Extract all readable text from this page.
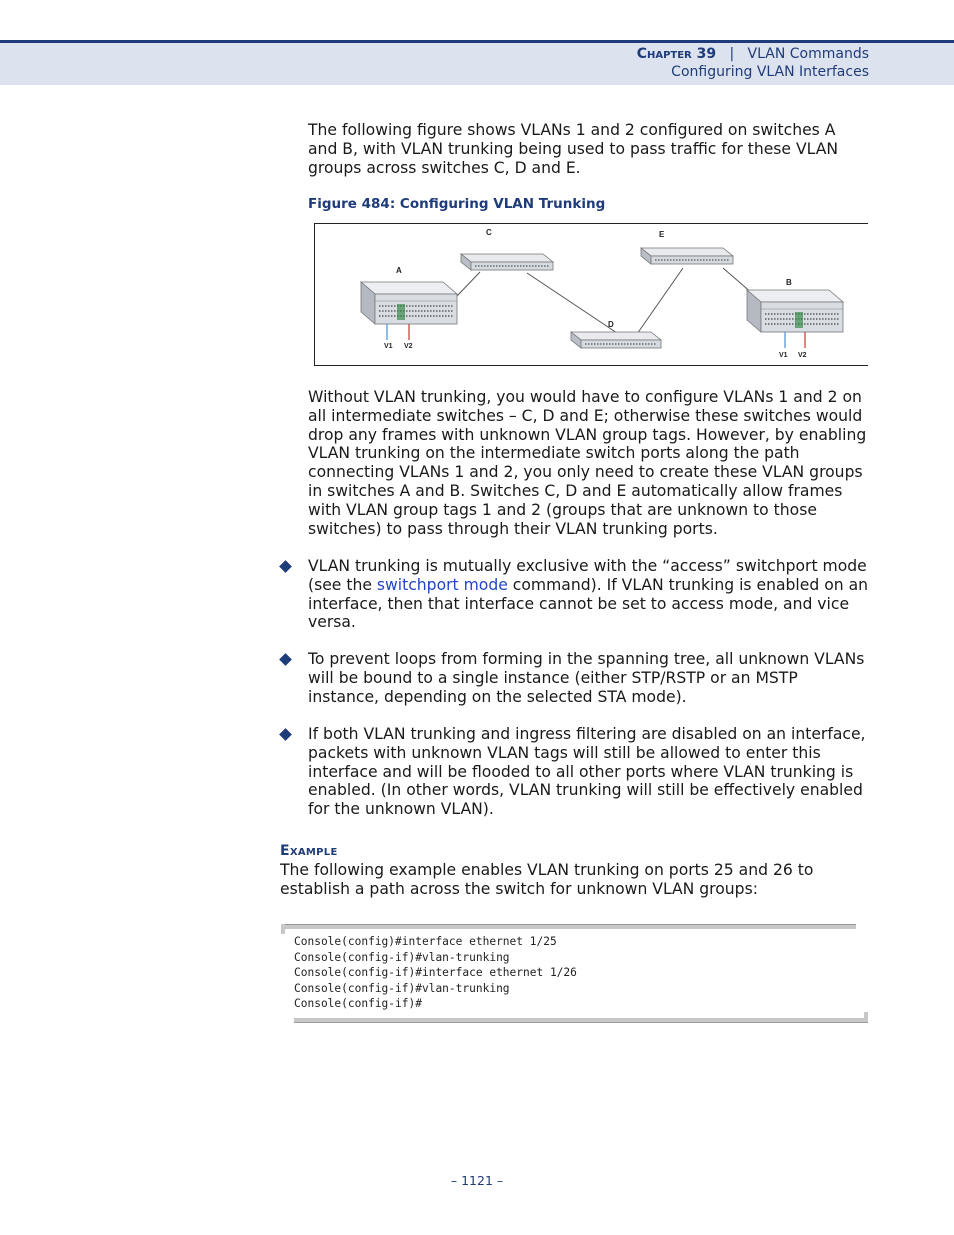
Chapter 39 | VLAN Commands
Configuring VLAN Interfaces

The following figure shows VLANs 1 and 2 configured on switches A and B, with VLAN trunking being used to pass traffic for these VLAN groups across switches C, D and E.

Figure 484: Configuring VLAN Trunking
A
C	E
D
B
V1 V2
V1 V2

Without VLAN trunking, you would have to configure VLANs 1 and 2 on all intermediate switches – C, D and E; otherwise these switches would drop any frames with unknown VLAN group tags. However, by enabling VLAN trunking on the intermediate switch ports along the path connecting VLANs 1 and 2, you only need to create these VLAN groups in switches A and B. Switches C, D and E automatically allow frames with VLAN group tags 1 and 2 (groups that are unknown to those switches) to pass through their VLAN trunking ports.

VLAN trunking is mutually exclusive with the “access” switchport mode (see the switchport mode command). If VLAN trunking is enabled on an interface, then that interface cannot be set to access mode, and vice versa.

To prevent loops from forming in the spanning tree, all unknown VLANs will be bound to a single instance (either STP/RSTP or an MSTP instance, depending on the selected STA mode).

If both VLAN trunking and ingress filtering are disabled on an interface, packets with unknown VLAN tags will still be allowed to enter this interface and will be flooded to all other ports where VLAN trunking is enabled. (In other words, VLAN trunking will still be effectively enabled for the unknown VLAN).

Example

The following example enables VLAN trunking on ports 25 and 26 to establish a path across the switch for unknown VLAN groups:

Console(config)#interface ethernet 1/25
Console(config-if)#vlan-trunking
Console(config-if)#interface ethernet 1/26
Console(config-if)#vlan-trunking
Console(config-if)#
– 1121 –
